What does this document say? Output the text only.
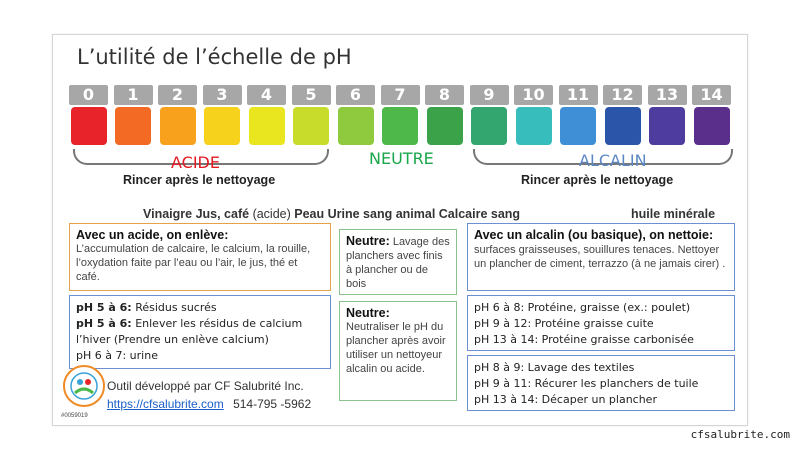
L’utilité de l’échelle de pH
0	1	2	3	4	5	6	7	8	9	10	11	12	13	14
ACIDE	NEUTRE	ALCALIN
Rincer après le nettoyage	Rincer après le nettoyage
Vinaigre Jus, café (acide) Peau Urine sang animal Calcaire sang	huile minérale
Avec un acide, on enlève:
L’accumulation de calcaire, le calcium, la rouille, l’oxydation faite par l’eau ou l’air, le jus, thé et café.
pH 5 à 6: Résidus sucrés
pH 5 à 6: Enlever les résidus de calcium l’hiver (Prendre un enlève calcium)
pH 6 à 7: urine
Neutre: Lavage des planchers avec finis à plancher ou de bois
Neutre:
Neutraliser le pH du plancher après avoir utiliser un nettoyeur alcalin ou acide.
Avec un alcalin (ou basique), on nettoie: surfaces graisseuses, souillures tenaces. Nettoyer un plancher de ciment, terrazzo (à ne jamais cirer) .
pH 6 à 8: Protéine, graisse (ex.: poulet)
pH 9 à 12: Protéine graisse cuite
pH 13 à 14: Protéine graisse carbonisée
pH 8 à 9: Lavage des textiles
pH 9 à 11: Récurer les planchers de tuile
pH 13 à 14: Décaper un plancher
Outil développé par CF Salubrité Inc.
https://cfsalubrite.com 514-795 -5962
#0059019
cfsalubrite.com
